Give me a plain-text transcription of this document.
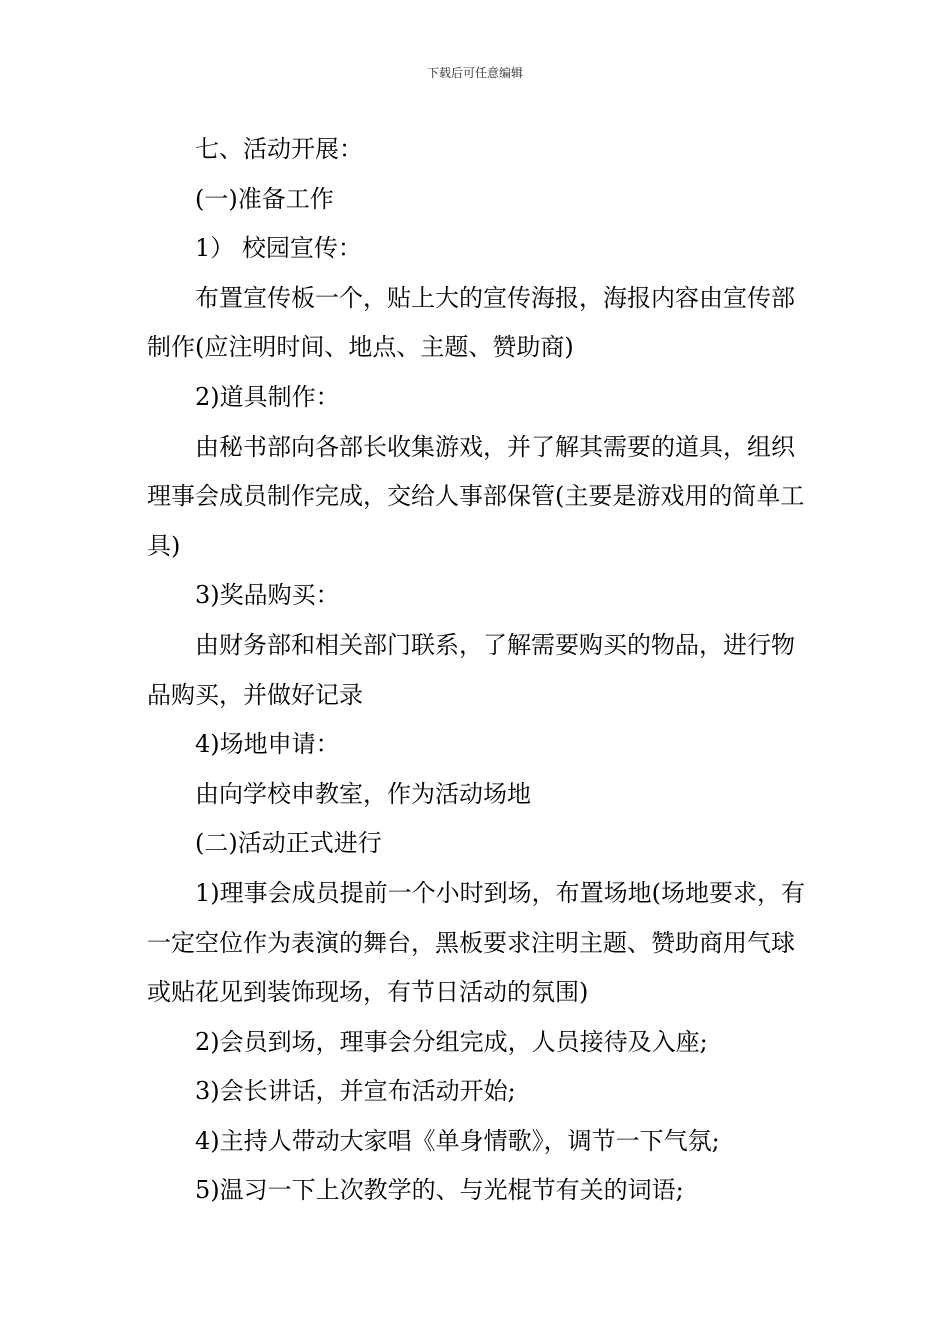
下载后可任意编辑

七、活动开展：

(一)准备工作

1） 校园宣传：

布置宣传板一个，贴上大的宣传海报，海报内容由宣传部制作(应注明时间、地点、主题、赞助商)

2)道具制作：

由秘书部向各部长收集游戏，并了解其需要的道具，组织理事会成员制作完成，交给人事部保管(主要是游戏用的简单工具)

3)奖品购买：

由财务部和相关部门联系，了解需要购买的物品，进行物品购买，并做好记录

4)场地申请：

由向学校申教室，作为活动场地

(二)活动正式进行

1)理事会成员提前一个小时到场，布置场地(场地要求，有一定空位作为表演的舞台，黑板要求注明主题、赞助商用气球或贴花见到装饰现场，有节日活动的氛围)

2)会员到场，理事会分组完成，人员接待及入座;

3)会长讲话，并宣布活动开始;

4)主持人带动大家唱《单身情歌》，调节一下气氛;

5)温习一下上次教学的、与光棍节有关的词语;
